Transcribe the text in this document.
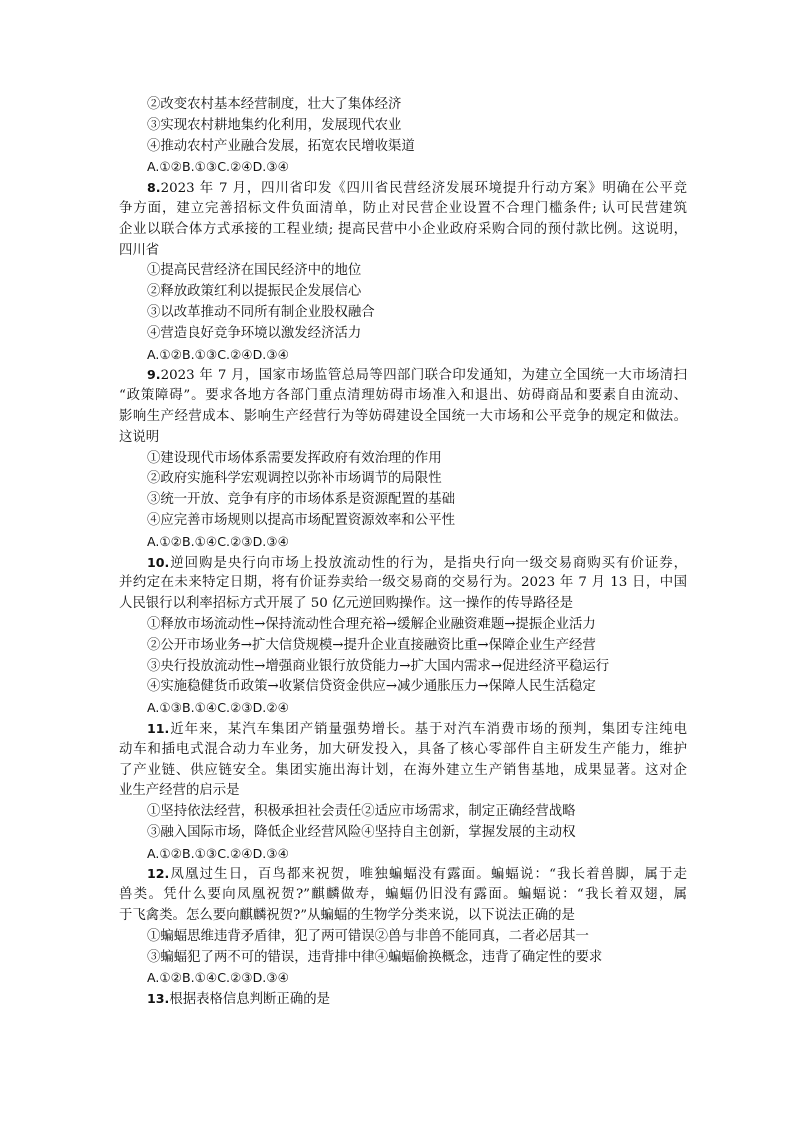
②改变农村基本经营制度，壮大了集体经济
③实现农村耕地集约化利用，发展现代农业
④推动农村产业融合发展，拓宽农民增收渠道
A.①②B.①③C.②④D.③④
8.2023 年 7 月，四川省印发《四川省民营经济发展环境提升行动方案》明确在公平竞
争方面，建立完善招标文件负面清单，防止对民营企业设置不合理门槛条件; 认可民营建筑
企业以联合体方式承接的工程业绩; 提高民营中小企业政府采购合同的预付款比例。这说明，
四川省
①提高民营经济在国民经济中的地位
②释放政策红利以提振民企发展信心
③以改革推动不同所有制企业股权融合
④营造良好竞争环境以激发经济活力
A.①②B.①③C.②④D.③④
9.2023 年 7 月，国家市场监管总局等四部门联合印发通知，为建立全国统一大市场清扫
“政策障碍”。要求各地方各部门重点清理妨碍市场准入和退出、妨碍商品和要素自由流动、
影响生产经营成本、影响生产经营行为等妨碍建设全国统一大市场和公平竞争的规定和做法。
这说明
①建设现代市场体系需要发挥政府有效治理的作用
②政府实施科学宏观调控以弥补市场调节的局限性
③统一开放、竞争有序的市场体系是资源配置的基础
④应完善市场规则以提高市场配置资源效率和公平性
A.①②B.①④C.②③D.③④
10.逆回购是央行向市场上投放流动性的行为，是指央行向一级交易商购买有价证券，
并约定在未来特定日期，将有价证券卖给一级交易商的交易行为。2023 年 7 月 13 日，中国
人民银行以利率招标方式开展了 50 亿元逆回购操作。这一操作的传导路径是
①释放市场流动性→保持流动性合理充裕→缓解企业融资难题→提振企业活力
②公开市场业务→扩大信贷规模→提升企业直接融资比重→保障企业生产经营
③央行投放流动性→增强商业银行放贷能力→扩大国内需求→促进经济平稳运行
④实施稳健货币政策→收紧信贷资金供应→减少通胀压力→保障人民生活稳定
A.①③B.①④C.②③D.②④
11.近年来，某汽车集团产销量强势增长。基于对汽车消费市场的预判，集团专注纯电
动车和插电式混合动力车业务，加大研发投入，具备了核心零部件自主研发生产能力，维护
了产业链、供应链安全。集团实施出海计划，在海外建立生产销售基地，成果显著。这对企
业生产经营的启示是
①坚持依法经营，积极承担社会责任②适应市场需求，制定正确经营战略
③融入国际市场，降低企业经营风险④坚持自主创新，掌握发展的主动权
A.①②B.①③C.②④D.③④
12.凤凰过生日，百鸟都来祝贺，唯独蝙蝠没有露面。蝙蝠说：“我长着兽脚，属于走
兽类。凭什么要向凤凰祝贺?”麒麟做寿，蝙蝠仍旧没有露面。蝙蝠说：“我长着双翅，属
于飞禽类。怎么要向麒麟祝贺?”从蝙蝠的生物学分类来说，以下说法正确的是
①蝙蝠思维违背矛盾律，犯了两可错误②兽与非兽不能同真，二者必居其一
③蝙蝠犯了两不可的错误，违背排中律④蝙蝠偷换概念，违背了确定性的要求
A.①②B.①④C.②③D.③④
13.根据表格信息判断正确的是
